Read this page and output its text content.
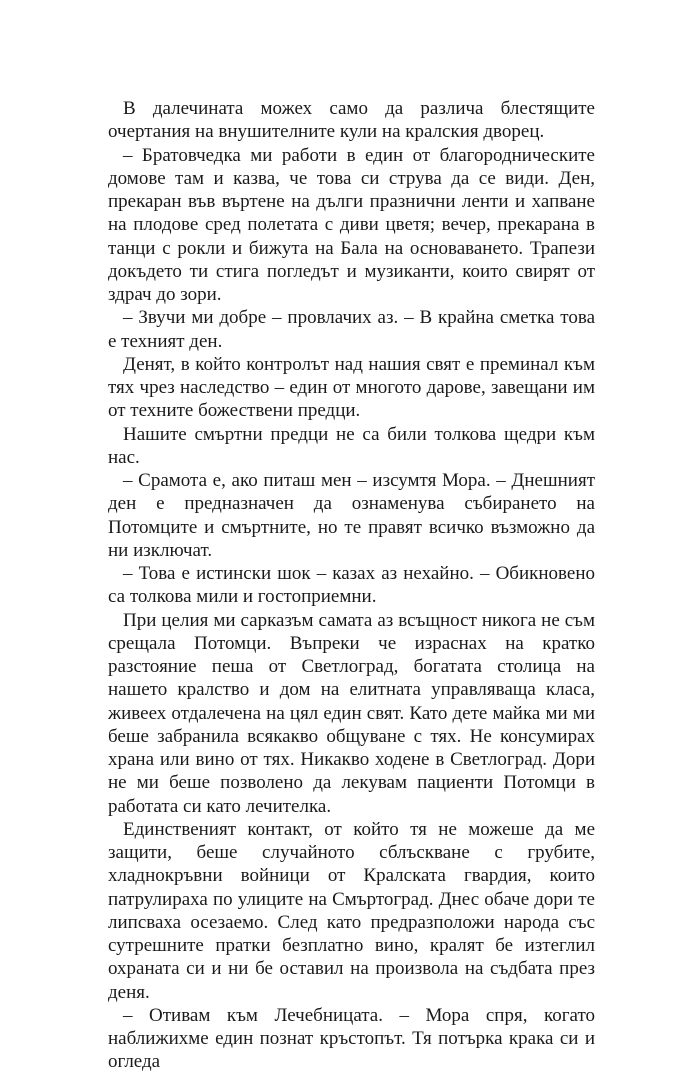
В далечината можех само да различа блестящите очертания на внушителните кули на кралския дворец.

– Братовчедка ми работи в един от благородническите домове там и казва, че това си струва да се види. Ден, прекаран във въртене на дълги празнични ленти и хапване на плодове сред полетата с диви цветя; вечер, прекарана в танци с рокли и бижута на Бала на основаването. Трапези докъдето ти стига погледът и музиканти, които свирят от здрач до зори.

– Звучи ми добре – провлачих аз. – В крайна сметка това е техният ден.

Денят, в който контролът над нашия свят е преминал към тях чрез наследство – един от многото дарове, завещани им от техните божествени предци.

Нашите смъртни предци не са били толкова щедри към нас.

– Срамота е, ако питаш мен – изсумтя Мора. – Днешният ден е предназначен да ознаменува събирането на Потомците и смъртните, но те правят всичко възможно да ни изключат.

– Това е истински шок – казах аз нехайно. – Обикновено са толкова мили и гостоприемни.

При целия ми сарказъм самата аз всъщност никога не съм срещала Потомци. Въпреки че израснах на кратко разстояние пеша от Светлоград, богатата столица на нашето кралство и дом на елитната управляваща класа, живеех отдалечена на цял един свят. Като дете майка ми ми беше забранила всякакво общуване с тях. Не консумирах храна или вино от тях. Никакво ходене в Светлоград. Дори не ми беше позволено да лекувам пациенти Потомци в работата си като лечителка.

Единственият контакт, от който тя не можеше да ме защити, беше случайното сблъскване с грубите, хладнокръвни войници от Кралската гвардия, които патрулираха по улиците на Смъртоград. Днес обаче дори те липсваха осезаемо. След като предразположи народа със сутрешните пратки безплатно вино, кралят бе изтеглил охраната си и ни бе оставил на произвола на съдбата през деня.

– Отивам към Лечебницата. – Мора спря, когато наближихме един познат кръстопът. Тя потърка крака си и огледа
